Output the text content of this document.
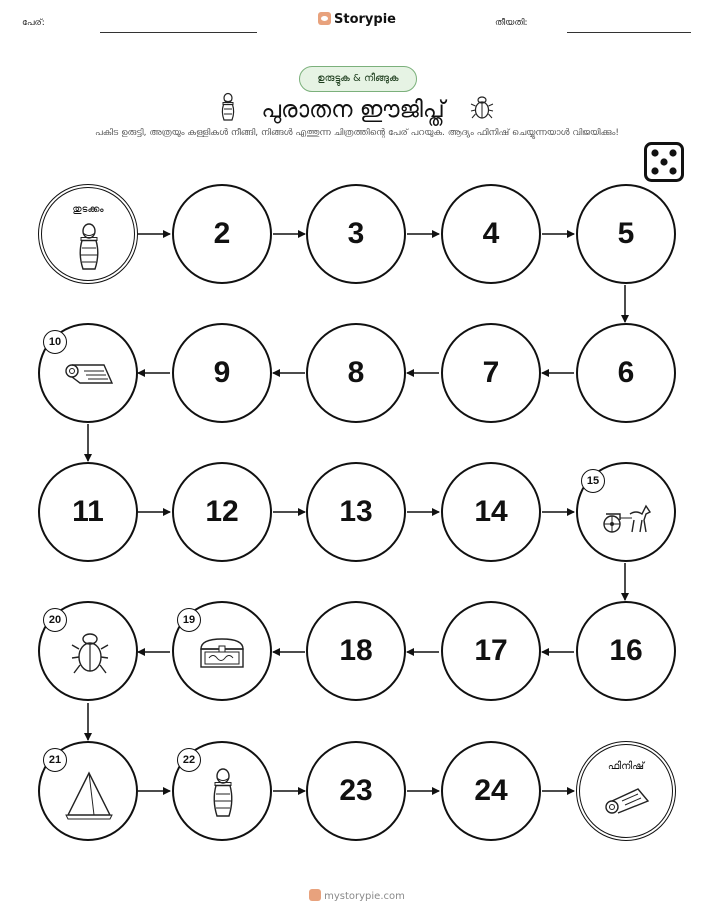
പേര്:	Storypie	തീയതി:
ഉരുട്ടുക & നീങ്ങുക
പുരാതന ഈജിപ്ത്
പകിട ഉരുട്ടി, അത്രയും കള്ളികൾ നീങ്ങി, നിങ്ങൾ എത്തുന്ന ചിത്രത്തിന്റെ പേര് പറയുക. ആദ്യം ഫിനിഷ് ചെയ്യുന്നയാൾ വിജയിക്കും!
തുടക്കം
2	3	4	5
6
7
8
9
10
11	12	13	14
15
16
17
18
19
20
21	22
23	24
ഫിനിഷ്
mystorypie.com
